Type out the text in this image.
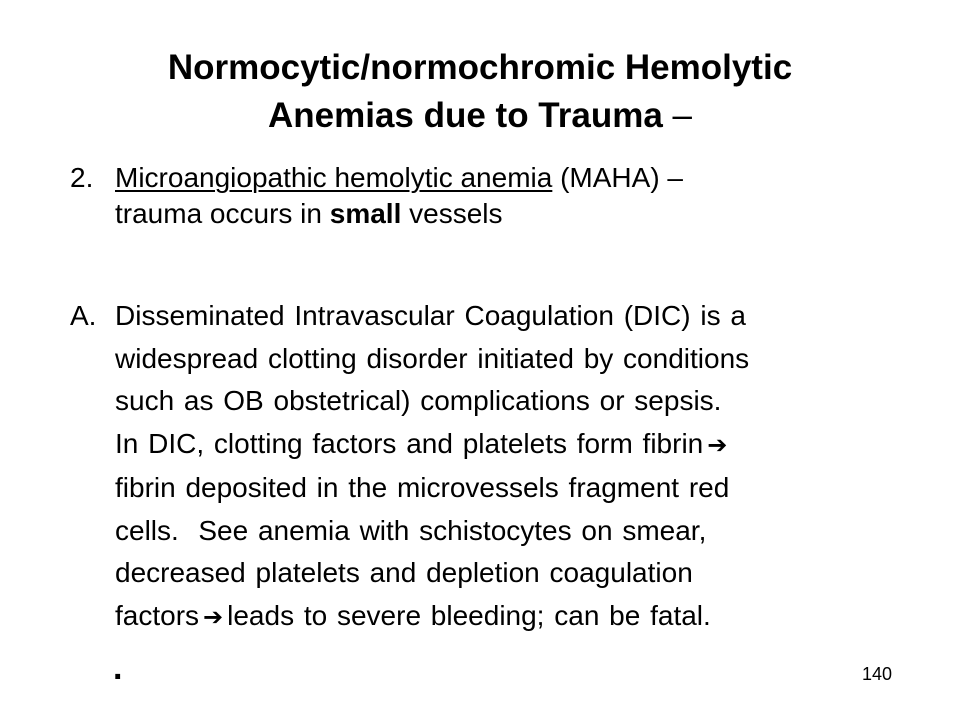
Normocytic/normochromic Hemolytic
Anemias due to Trauma –
2. Microangiopathic hemolytic anemia (MAHA) –
trauma occurs in small vessels
A. Disseminated Intravascular Coagulation (DIC) is a
widespread clotting disorder initiated by conditions
such as OB obstetrical) complications or sepsis.
In DIC, clotting factors and platelets form fibrin ➔
fibrin deposited in the microvessels fragment red
cells.  See anemia with schistocytes on smear,
decreased platelets and depletion coagulation
factors ➔ leads to severe bleeding; can be fatal.
.	140
